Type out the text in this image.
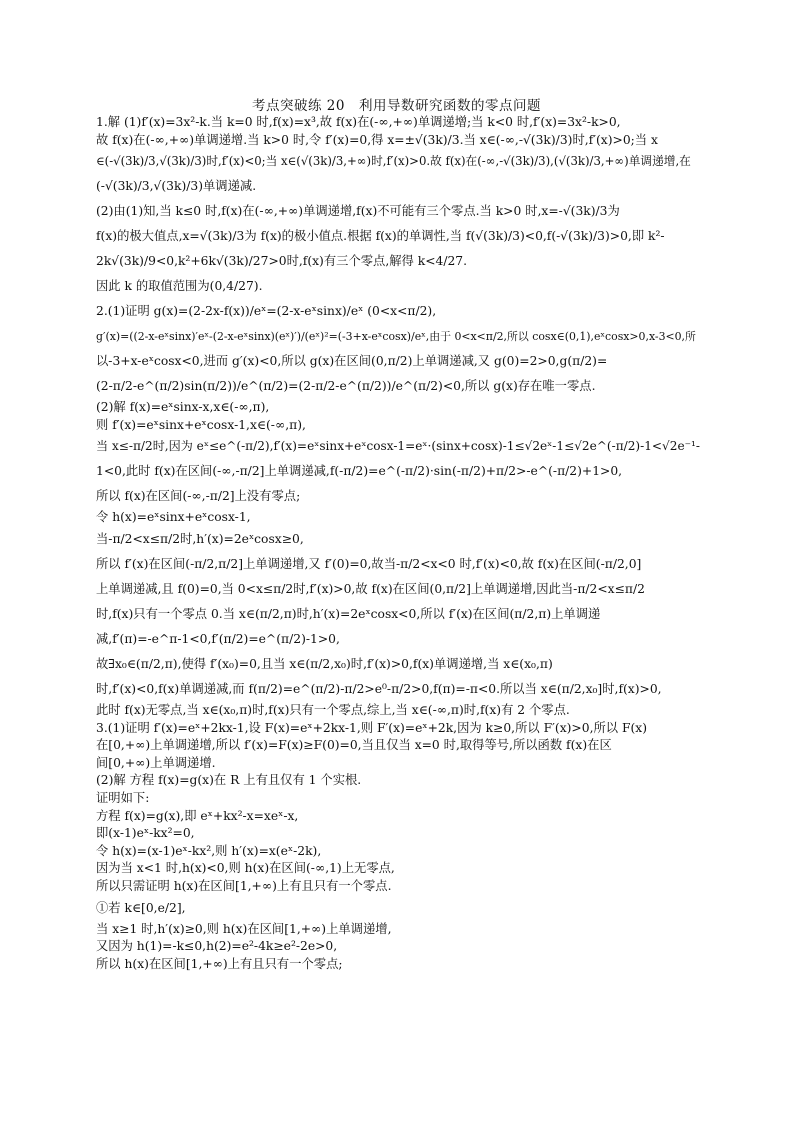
考点突破练 20　利用导数研究函数的零点问题
1.解 (1)f′(x)=3x²-k.当 k=0 时,f(x)=x³,故 f(x)在(-∞,+∞)单调递增;当 k<0 时,f′(x)=3x²-k>0,
故 f(x)在(-∞,+∞)单调递增.当 k>0 时,令 f′(x)=0,得 x=±√(3k)/3.当 x∈(-∞,-√(3k)/3)时,f′(x)>0;当 x
∈(-√(3k)/3,√(3k)/3)时,f′(x)<0;当 x∈(√(3k)/3,+∞)时,f′(x)>0.故 f(x)在(-∞,-√(3k)/3),(√(3k)/3,+∞)单调递增,在
(-√(3k)/3,√(3k)/3)单调递减.
(2)由(1)知,当 k≤0 时,f(x)在(-∞,+∞)单调递增,f(x)不可能有三个零点.当 k>0 时,x=-√(3k)/3为
f(x)的极大值点,x=√(3k)/3为 f(x)的极小值点.根据 f(x)的单调性,当 f(√(3k)/3)<0,f(-√(3k)/3)>0,即 k²-
2k√(3k)/9<0,k²+6k√(3k)/27>0时,f(x)有三个零点,解得 k<4/27.
因此 k 的取值范围为(0,4/27).
2.(1)证明 g(x)=(2-2x-f(x))/eˣ=(2-x-eˣsinx)/eˣ (0<x<π/2),
g′(x)=((2-x-eˣsinx)′eˣ-(2-x-eˣsinx)(eˣ)′)/(eˣ)²=(-3+x-eˣcosx)/eˣ,由于 0<x<π/2,所以 cosx∈(0,1),eˣcosx>0,x-3<0,所
以-3+x-eˣcosx<0,进而 g′(x)<0,所以 g(x)在区间(0,π/2)上单调递减,又 g(0)=2>0,g(π/2)=
(2-π/2-e^(π/2)sin(π/2))/e^(π/2)=(2-π/2-e^(π/2))/e^(π/2)<0,所以 g(x)存在唯一零点.
(2)解 f(x)=eˣsinx-x,x∈(-∞,π),
则 f′(x)=eˣsinx+eˣcosx-1,x∈(-∞,π),
当 x≤-π/2时,因为 eˣ≤e^(-π/2),f′(x)=eˣsinx+eˣcosx-1=eˣ·(sinx+cosx)-1≤√2eˣ-1≤√2e^(-π/2)-1<√2e⁻¹-
1<0,此时 f(x)在区间(-∞,-π/2]上单调递减,f(-π/2)=e^(-π/2)·sin(-π/2)+π/2>-e^(-π/2)+1>0,
所以 f(x)在区间(-∞,-π/2]上没有零点;
令 h(x)=eˣsinx+eˣcosx-1,
当-π/2<x≤π/2时,h′(x)=2eˣcosx≥0,
所以 f′(x)在区间(-π/2,π/2]上单调递增,又 f′(0)=0,故当-π/2<x<0 时,f′(x)<0,故 f(x)在区间(-π/2,0]
上单调递减,且 f(0)=0,当 0<x≤π/2时,f′(x)>0,故 f(x)在区间(0,π/2]上单调递增,因此当-π/2<x≤π/2
时,f(x)只有一个零点 0.当 x∈(π/2,π)时,h′(x)=2eˣcosx<0,所以 f′(x)在区间(π/2,π)上单调递
减,f′(π)=-e^π-1<0,f′(π/2)=e^(π/2)-1>0,
故∃x₀∈(π/2,π),使得 f′(x₀)=0,且当 x∈(π/2,x₀)时,f′(x)>0,f(x)单调递增,当 x∈(x₀,π)
时,f′(x)<0,f(x)单调递减,而 f(π/2)=e^(π/2)-π/2>e⁰-π/2>0,f(π)=-π<0.所以当 x∈(π/2,x₀]时,f(x)>0,
此时 f(x)无零点,当 x∈(x₀,π)时,f(x)只有一个零点,综上,当 x∈(-∞,π)时,f(x)有 2 个零点.
3.(1)证明 f′(x)=eˣ+2kx-1,设 F(x)=eˣ+2kx-1,则 F′(x)=eˣ+2k,因为 k≥0,所以 F′(x)>0,所以 F(x)
在[0,+∞)上单调递增,所以 f′(x)=F(x)≥F(0)=0,当且仅当 x=0 时,取得等号,所以函数 f(x)在区
间[0,+∞)上单调递增.
(2)解 方程 f(x)=g(x)在 R 上有且仅有 1 个实根.
证明如下:
方程 f(x)=g(x),即 eˣ+kx²-x=xeˣ-x,
即(x-1)eˣ-kx²=0,
令 h(x)=(x-1)eˣ-kx²,则 h′(x)=x(eˣ-2k),
因为当 x<1 时,h(x)<0,则 h(x)在区间(-∞,1)上无零点,
所以只需证明 h(x)在区间[1,+∞)上有且只有一个零点.
①若 k∈[0,e/2],
当 x≥1 时,h′(x)≥0,则 h(x)在区间[1,+∞)上单调递增,
又因为 h(1)=-k≤0,h(2)=e²-4k≥e²-2e>0,
所以 h(x)在区间[1,+∞)上有且只有一个零点;
